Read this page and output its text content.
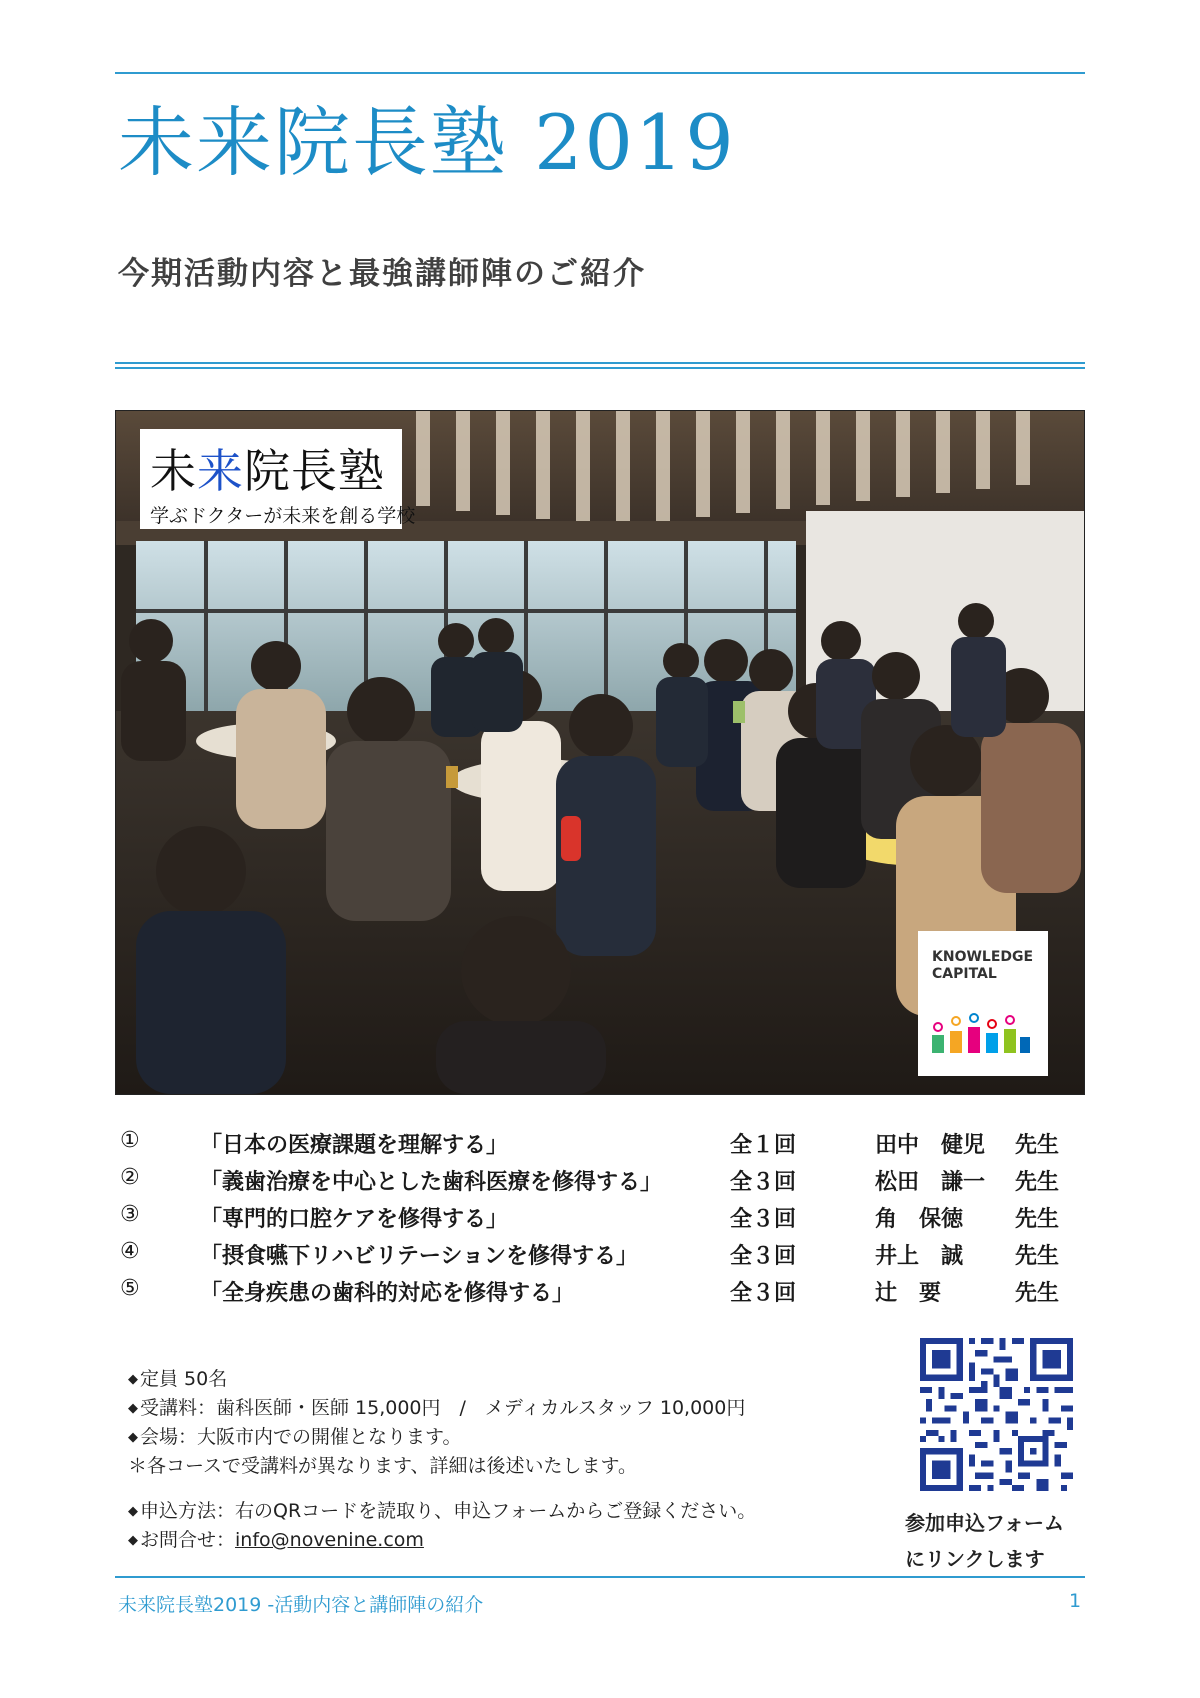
未来院長塾 2019
今期活動内容と最強講師陣のご紹介
未来院長塾
学ぶドクターが未来を創る学校
KNOWLEDGE
CAPITAL
①	「日本の医療課題を理解する」	全１回	田中　健児 先生
②	「義歯治療を中心とした歯科医療を修得する」	全３回	松田　謙一 先生
③	「専門的口腔ケアを修得する」	全３回	角　保徳 先生
④	「摂食嚥下リハビリテーションを修得する」	全３回	井上　誠 先生
⑤	「全身疾患の歯科的対応を修得する」	全３回	辻　要	先生
◆ 定員 50名
◆ 受講料：歯科医師・医師 15,000円　/　メディカルスタッフ 10,000円
◆ 会場：大阪市内での開催となります。
＊各コースで受講料が異なります、詳細は後述いたします。
◆ 申込方法：右のQRコードを読取り、申込フォームからご登録ください。
◆ お問合せ：info@novenine.com
参加申込フォーム
にリンクします
未来院長塾2019 -活動内容と講師陣の紹介	1
